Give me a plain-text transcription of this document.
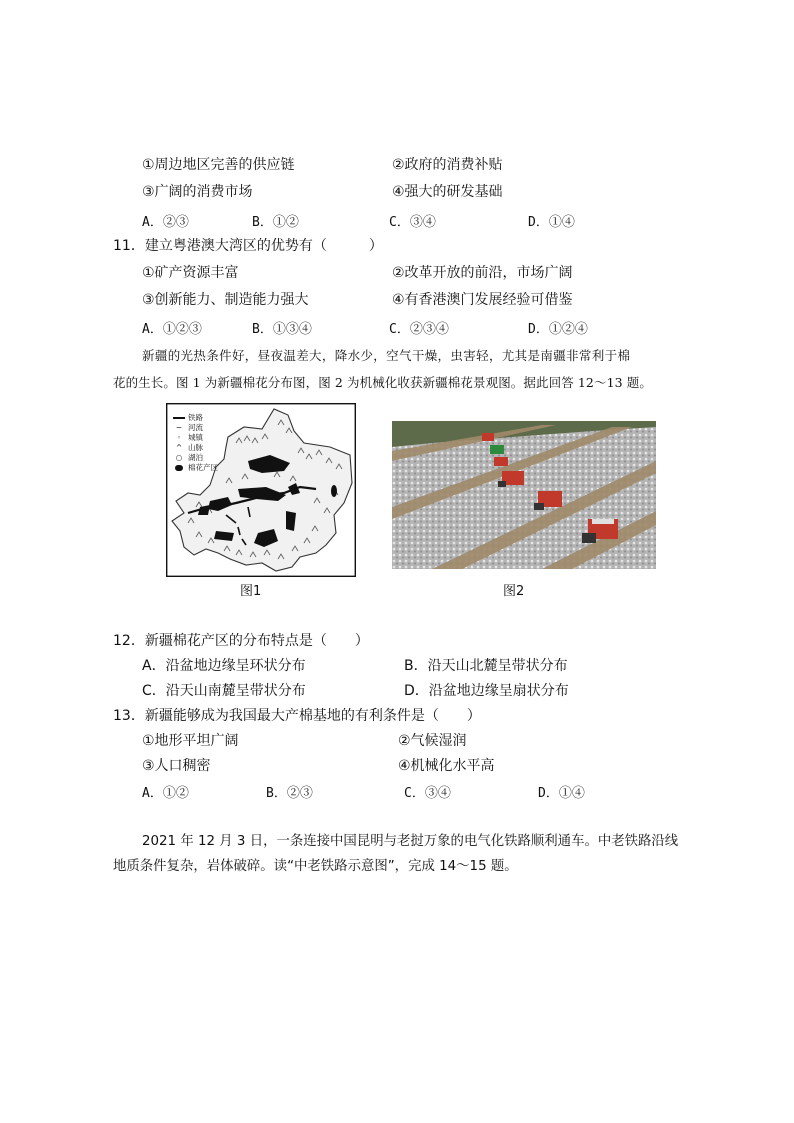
①周边地区完善的供应链	②政府的消费补贴
③广阔的消费市场	④强大的研发基础
A．②③	B．①②	C．③④	D．①④
11．建立粤港澳大湾区的优势有（　　　）
①矿产资源丰富	②改革开放的前沿，市场广阔
③创新能力、制造能力强大	④有香港澳门发展经验可借鉴
A．①②③	B．①③④	C．②③④	D．①②④
新疆的光热条件好，昼夜温差大，降水少，空气干燥，虫害轻，尤其是南疆非常利于棉
花的生长。图 1 为新疆棉花分布图，图 2 为机械化收获新疆棉花景观图。据此回答 12～13 题。
铁路
~ 河流
◦ 城镇
^ 山脉
○ 湖泊
棉花产区
图1	图2
12．新疆棉花产区的分布特点是（　　）
A．沿盆地边缘呈环状分布	B．沿天山北麓呈带状分布
C．沿天山南麓呈带状分布	D．沿盆地边缘呈扇状分布
13．新疆能够成为我国最大产棉基地的有利条件是（　　）
①地形平坦广阔	②气候湿润
③人口稠密	④机械化水平高
A．①②	B．②③	C．③④	D．①④
2021 年 12 月 3 日，一条连接中国昆明与老挝万象的电气化铁路顺利通车。中老铁路沿线
地质条件复杂，岩体破碎。读“中老铁路示意图”，完成 14～15 题。
